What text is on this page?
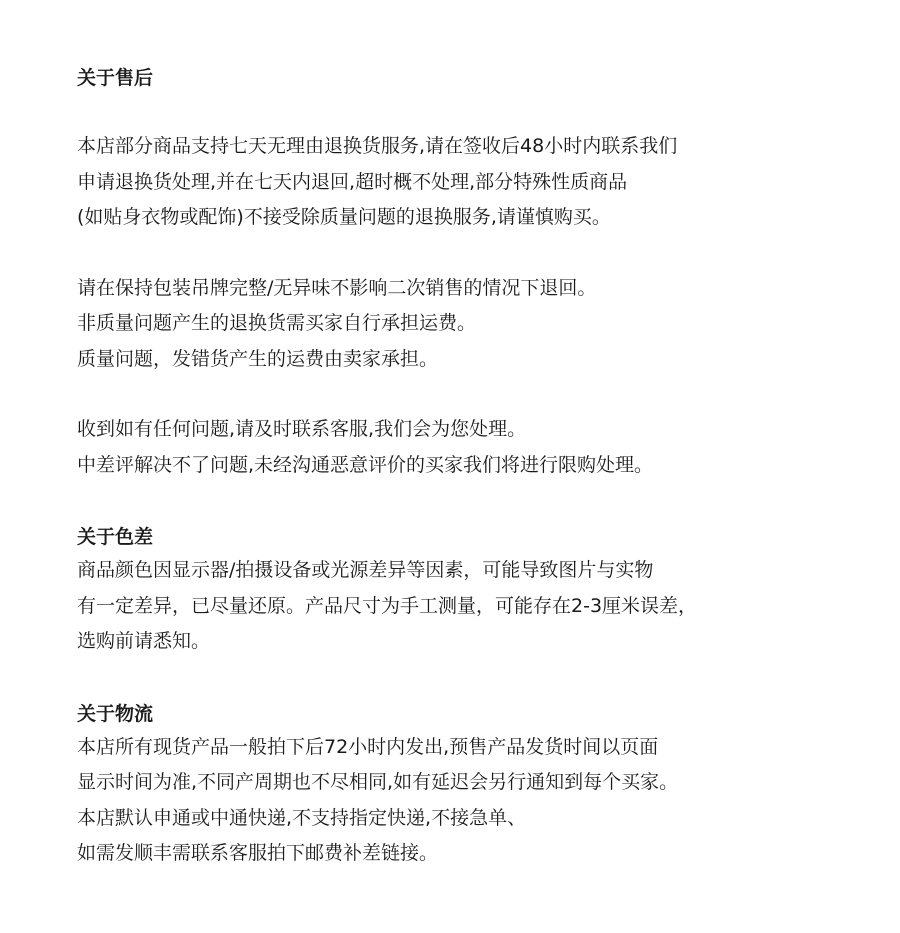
关于售后
本店部分商品支持七天无理由退换货服务,请在签收后48小时内联系我们
申请退换货处理,并在七天内退回,超时概不处理,部分特殊性质商品
(如贴身衣物或配饰)不接受除质量问题的退换服务,请谨慎购买。
请在保持包装吊牌完整/无异味不影响二次销售的情况下退回。
非质量问题产生的退换货需买家自行承担运费。
质量问题，发错货产生的运费由卖家承担。
收到如有任何问题,请及时联系客服,我们会为您处理。
中差评解决不了问题,未经沟通恶意评价的买家我们将进行限购处理。
关于色差
商品颜色因显示器/拍摄设备或光源差异等因素，可能导致图片与实物
有一定差异，已尽量还原。产品尺寸为手工测量，可能存在2-3厘米误差，
选购前请悉知。
关于物流
本店所有现货产品一般拍下后72小时内发出,预售产品发货时间以页面
显示时间为准,不同产周期也不尽相同,如有延迟会另行通知到每个买家。
本店默认申通或中通快递,不支持指定快递,不接急单、
如需发顺丰需联系客服拍下邮费补差链接。
